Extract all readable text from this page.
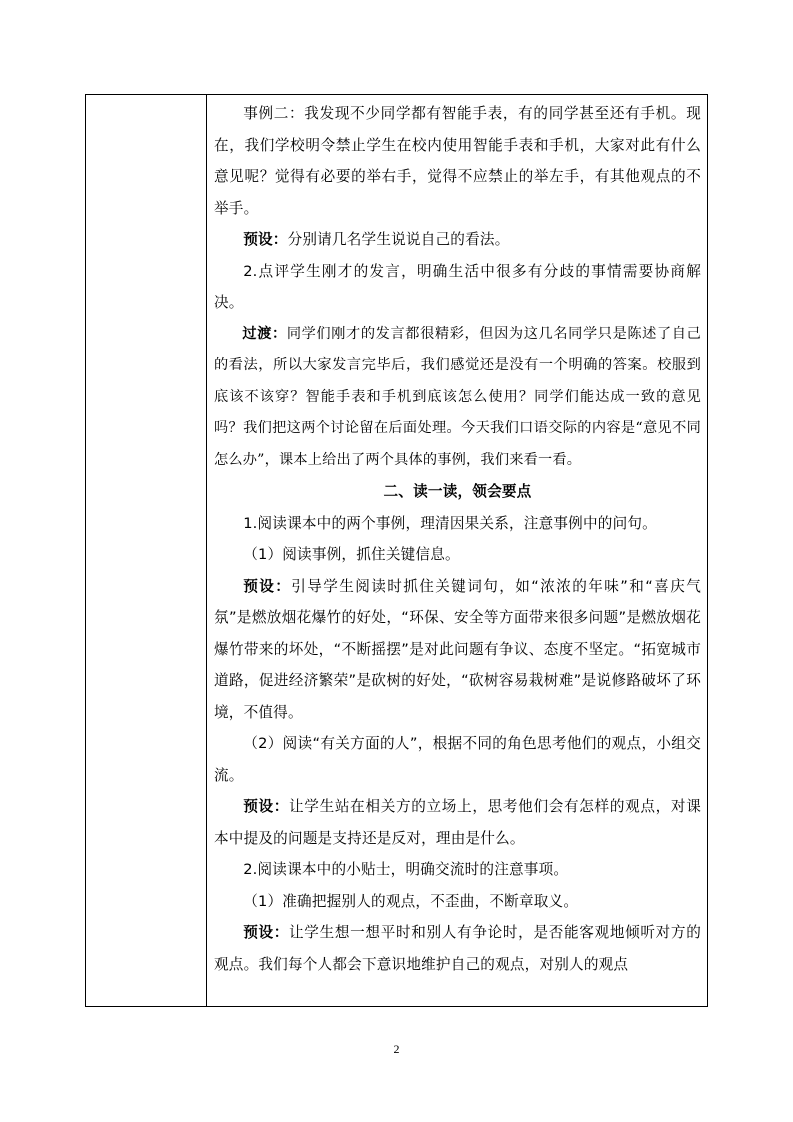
事例二：我发现不少同学都有智能手表，有的同学甚至还有手机。现在，我们学校明令禁止学生在校内使用智能手表和手机，大家对此有什么意见呢？觉得有必要的举右手，觉得不应禁止的举左手，有其他观点的不举手。

预设：分别请几名学生说说自己的看法。

2.点评学生刚才的发言，明确生活中很多有分歧的事情需要协商解决。

过渡：同学们刚才的发言都很精彩，但因为这几名同学只是陈述了自己的看法，所以大家发言完毕后，我们感觉还是没有一个明确的答案。校服到底该不该穿？智能手表和手机到底该怎么使用？同学们能达成一致的意见吗？我们把这两个讨论留在后面处理。今天我们口语交际的内容是“意见不同怎么办”，课本上给出了两个具体的事例，我们来看一看。

二、读一读，领会要点

1.阅读课本中的两个事例，理清因果关系，注意事例中的问句。

（1）阅读事例，抓住关键信息。

预设：引导学生阅读时抓住关键词句，如“浓浓的年味”和“喜庆气氛”是燃放烟花爆竹的好处，“环保、安全等方面带来很多问题”是燃放烟花爆竹带来的坏处，“不断摇摆”是对此问题有争议、态度不坚定。“拓宽城市道路，促进经济繁荣”是砍树的好处，“砍树容易栽树难”是说修路破坏了环境，不值得。

（2）阅读“有关方面的人”，根据不同的角色思考他们的观点，小组交流。

预设：让学生站在相关方的立场上，思考他们会有怎样的观点，对课本中提及的问题是支持还是反对，理由是什么。

2.阅读课本中的小贴士，明确交流时的注意事项。

（1）准确把握别人的观点，不歪曲，不断章取义。

预设：让学生想一想平时和别人有争论时，是否能客观地倾听对方的观点。我们每个人都会下意识地维护自己的观点，对别人的观点

2
